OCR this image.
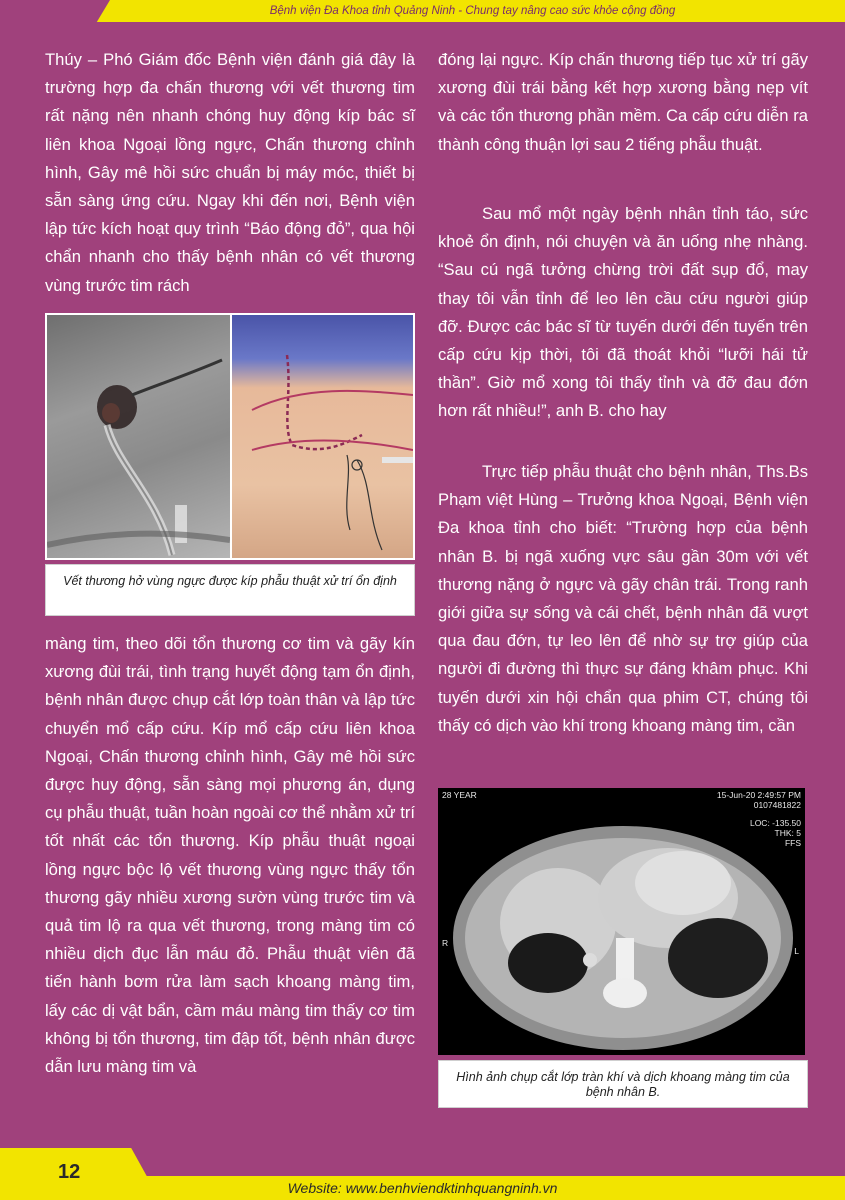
Bệnh viện Đa Khoa tỉnh Quảng Ninh - Chung tay nâng cao sức khỏe cộng đồng

Thúy – Phó Giám đốc Bệnh viện đánh giá đây là trường hợp đa chấn thương với vết thương tim rất nặng nên nhanh chóng huy động kíp bác sĩ liên khoa Ngoại lồng ngực, Chấn thương chỉnh hình, Gây mê hồi sức chuẩn bị máy móc, thiết bị sẵn sàng ứng cứu. Ngay khi đến nơi, Bệnh viện lập tức kích hoạt quy trình “Báo động đỏ”, qua hội chẩn nhanh cho thấy bệnh nhân có vết thương vùng trước tim rách

Vết thương hở vùng ngực được kíp phẫu thuật xử trí ổn định

màng tim, theo dõi tổn thương cơ tim và gãy kín xương đùi trái, tình trạng huyết động tạm ổn định, bệnh nhân được chụp cắt lớp toàn thân và lập tức chuyển mổ cấp cứu. Kíp mổ cấp cứu liên khoa Ngoại, Chấn thương chỉnh hình, Gây mê hồi sức được huy động, sẵn sàng mọi phương án, dụng cụ phẫu thuật, tuần hoàn ngoài cơ thể nhằm xử trí tốt nhất các tổn thương. Kíp phẫu thuật ngoại lồng ngực bộc lộ vết thương vùng ngực thấy tổn thương gãy nhiều xương sườn vùng trước tim và quả tim lộ ra qua vết thương, trong màng tim có nhiều dịch đục lẫn máu đỏ. Phẫu thuật viên đã tiến hành bơm rửa làm sạch khoang màng tim, lấy các dị vật bẩn, cầm máu màng tim thấy cơ tim không bị tổn thương, tim đập tốt, bệnh nhân được dẫn lưu màng tim và

đóng lại ngực. Kíp chấn thương tiếp tục xử trí gãy xương đùi trái bằng kết hợp xương bằng nẹp vít và các tổn thương phần mềm. Ca cấp cứu diễn ra thành công thuận lợi sau 2 tiếng phẫu thuật.

Sau mổ một ngày bệnh nhân tỉnh táo, sức khoẻ ổn định, nói chuyện và ăn uống nhẹ nhàng. “Sau cú ngã tưởng chừng trời đất sụp đổ, may thay tôi vẫn tỉnh để leo lên cầu cứu người giúp đỡ. Được các bác sĩ từ tuyến dưới đến tuyến trên cấp cứu kịp thời, tôi đã thoát khỏi “lưỡi hái tử thần”. Giờ mổ xong tôi thấy tỉnh và đỡ đau đớn hơn rất nhiều!”, anh B. cho hay

Trực tiếp phẫu thuật cho bệnh nhân, Ths.Bs Phạm việt Hùng – Trưởng khoa Ngoại, Bệnh viện Đa khoa tỉnh cho biết: “Trường hợp của bệnh nhân B. bị ngã xuống vực sâu gần 30m với vết thương nặng ở ngực và gãy chân trái. Trong ranh giới giữa sự sống và cái chết, bệnh nhân đã vượt qua đau đớn, tự leo lên để nhờ sự trợ giúp của người đi đường thì thực sự đáng khâm phục. Khi tuyến dưới xin hội chẩn qua phim CT, chúng tôi thấy có dịch vào khí trong khoang màng tim, cần

28 YEAR	15-Jun-20 2:49:57 PM
0107481822
LOC: -135.50
THK: 5
FFS
R
L
Hình ảnh chụp cắt lớp tràn khí và dịch khoang màng tim của bệnh nhân B.
12
Website: www.benhviendktinhquangninh.vn
